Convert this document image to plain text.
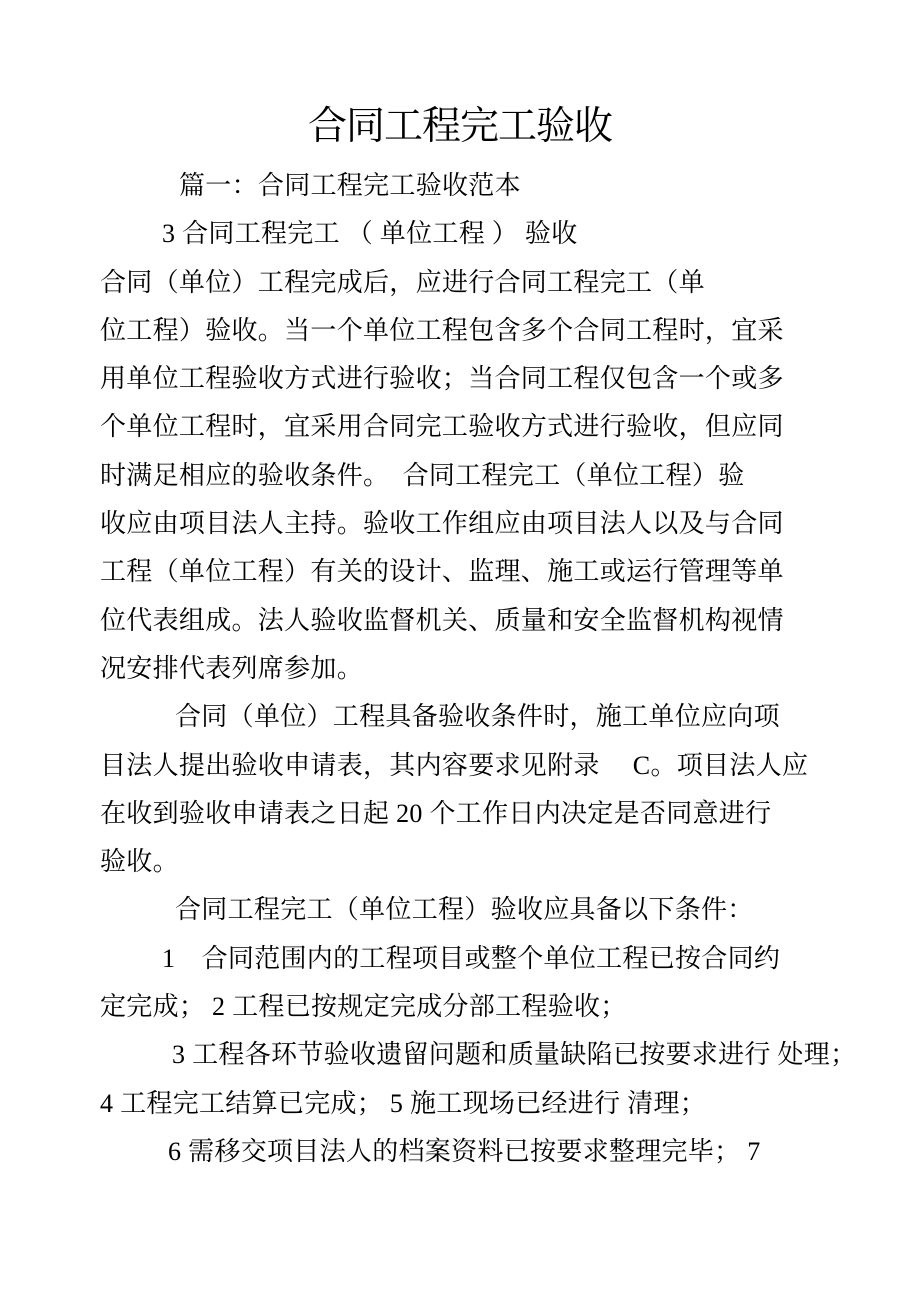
合同工程完工验收
篇一：合同工程完工验收范本
3 合同工程完工 （ 单位工程 ） 验收
合同（单位）工程完成后，应进行合同工程完工（单
位工程）验收。当一个单位工程包含多个合同工程时，宜采
用单位工程验收方式进行验收；当合同工程仅包含一个或多
个单位工程时，宜采用合同完工验收方式进行验收，但应同
时满足相应的验收条件。　合同工程完工（单位工程）验
收应由项目法人主持。验收工作组应由项目法人以及与合同
工程（单位工程）有关的设计、监理、施工或运行管理等单
位代表组成。法人验收监督机关、质量和安全监督机构视情
况安排代表列席参加。
合同（单位）工程具备验收条件时，施工单位应向项
目法人提出验收申请表，其内容要求见附录　 C。项目法人应
在收到验收申请表之日起 20 个工作日内决定是否同意进行
验收。
合同工程完工（单位工程）验收应具备以下条件：
1　合同范围内的工程项目或整个单位工程已按合同约
定完成； 2 工程已按规定完成分部工程验收；
3 工程各环节验收遗留问题和质量缺陷已按要求进行 处理；
4 工程完工结算已完成； 5 施工现场已经进行 清理；
6 需移交项目法人的档案资料已按要求整理完毕； 7
